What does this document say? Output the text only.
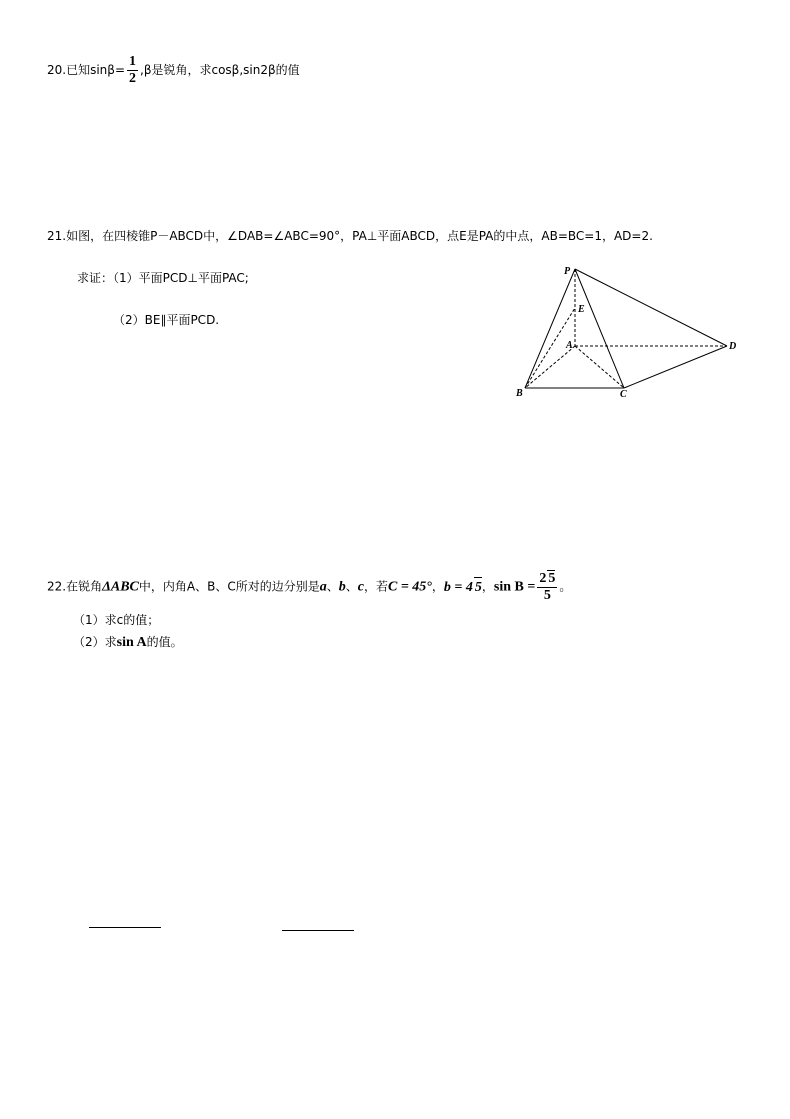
20.已知$\sin\beta= \frac{1}{2} ,\beta$是锐角，求cosβ,sin2β的值
21.如图，在四棱锥P－ABCD中，∠DAB=∠ABC=90°，PA⊥平面ABCD，点E是PA的中点，AB=BC=1，AD=2.
求证：（1）平面PCD⊥平面PAC;
（2）BE∥平面PCD.
P
E
A	D
B	C
22.在锐角ΔABC中，内角A、B、C所对的边分别是a、b、c，若C = 45°，b = 4 5，$\sin B = \frac{2 5}{5}$ 。
（1）求c的值；
（2）求sin A的值。
